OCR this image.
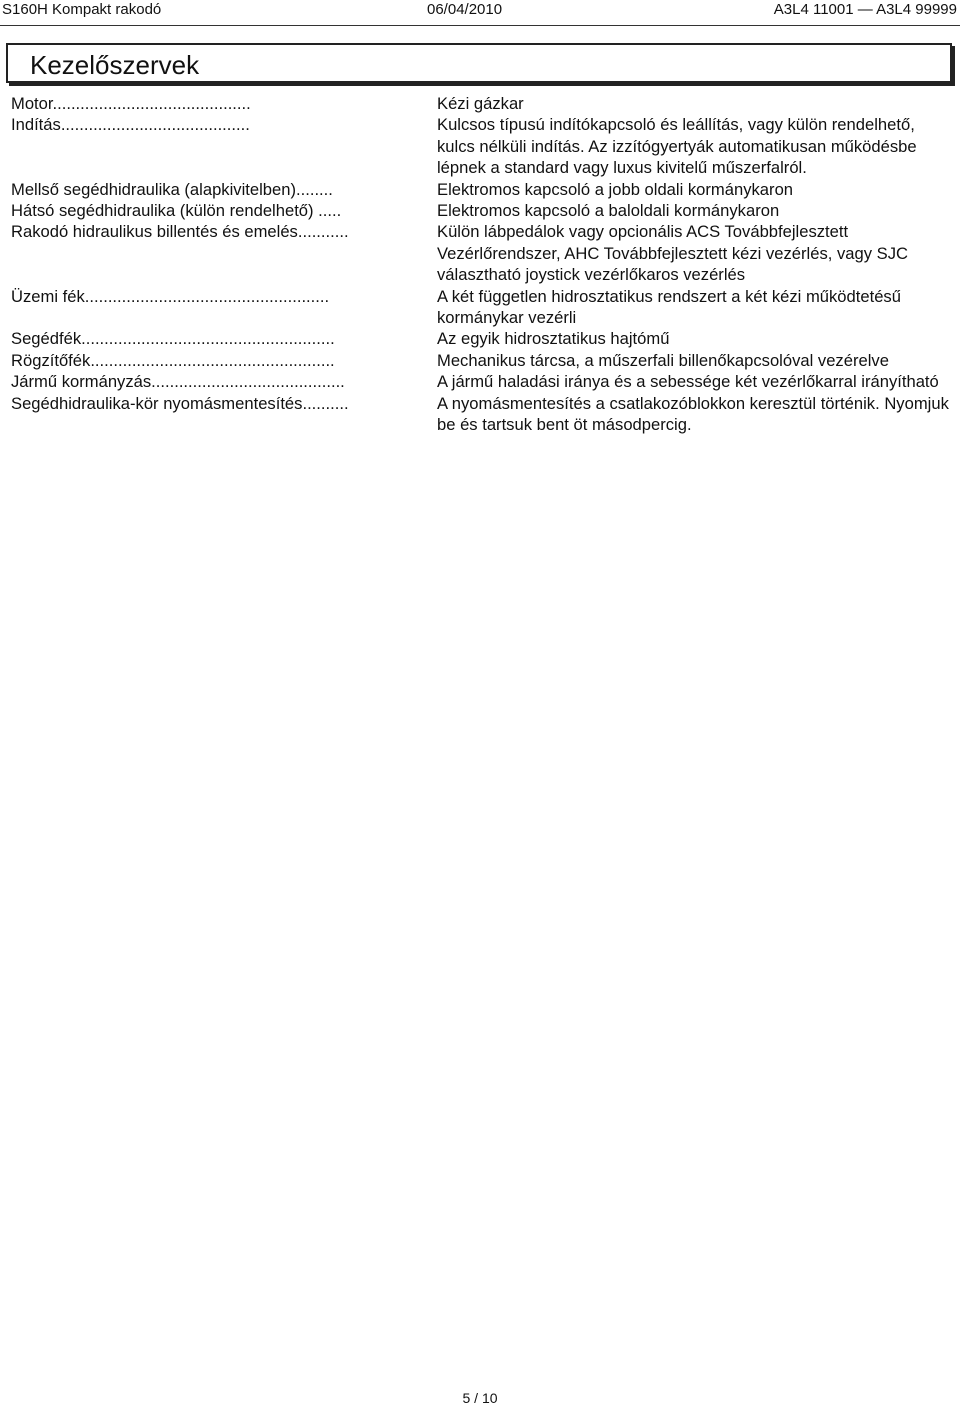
S160H Kompakt rakodó	06/04/2010	A3L4 11001 — A3L4 99999
Kezelőszervek
Motor...........................................	Kézi gázkar
Indítás.........................................	Kulcsos típusú indítókapcsoló és leállítás, vagy külön rendelhető,
kulcs nélküli indítás. Az izzítógyertyák automatikusan működésbe
lépnek a standard vagy luxus kivitelű műszerfalról.
Mellső segédhidraulika (alapkivitelben)........	Elektromos kapcsoló a jobb oldali kormánykaron
Hátsó segédhidraulika (külön rendelhető) .....	Elektromos kapcsoló a baloldali kormánykaron
Rakodó hidraulikus billentés és emelés...........	Külön lábpedálok vagy opcionális ACS Továbbfejlesztett
Vezérlőrendszer, AHC Továbbfejlesztett kézi vezérlés, vagy SJC
választható joystick vezérlőkaros vezérlés
Üzemi fék.....................................................	A két független hidrosztatikus rendszert a két kézi működtetésű
kormánykar vezérli
Segédfék.......................................................	Az egyik hidrosztatikus hajtómű
Rögzítőfék.....................................................	Mechanikus tárcsa, a műszerfali billenőkapcsolóval vezérelve
Jármű kormányzás..........................................	A jármű haladási iránya és a sebessége két vezérlőkarral irányítható
Segédhidraulika-kör nyomásmentesítés..........	A nyomásmentesítés a csatlakozóblokkon keresztül történik. Nyomjuk
be és tartsuk bent öt másodpercig.
5 / 10
